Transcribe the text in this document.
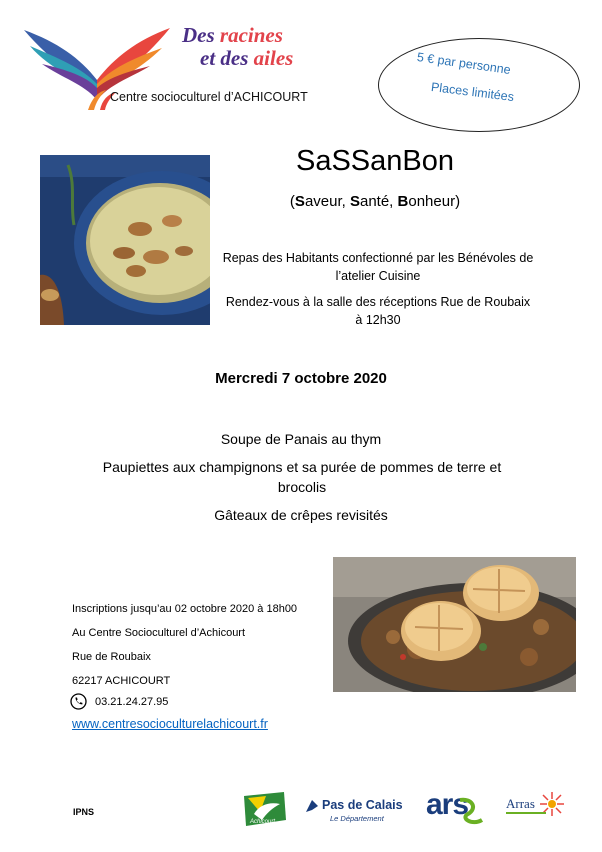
Des racines
et des ailes
Centre socioculturel d’ACHICOURT
5 € par personne
Places limitées
SaSSanBon
(Saveur, Santé, Bonheur)
Repas des Habitants confectionné par les Bénévoles de l’atelier Cuisine
Rendez-vous à la salle des réceptions Rue de Roubaix à 12h30
Mercredi 7 octobre 2020
Soupe de Panais au thym
Paupiettes aux champignons et sa purée de pommes de terre et brocolis
Gâteaux de crêpes revisités
Inscriptions jusqu’au 02 octobre 2020 à 18h00
Au Centre Socioculturel d’Achicourt
Rue de Roubaix
62217 ACHICOURT
03.21.24.27.95
www.centresocioculturelachicourt.fr
IPNS
Achicourt
Pas de Calais
Le Département ars	Arras
